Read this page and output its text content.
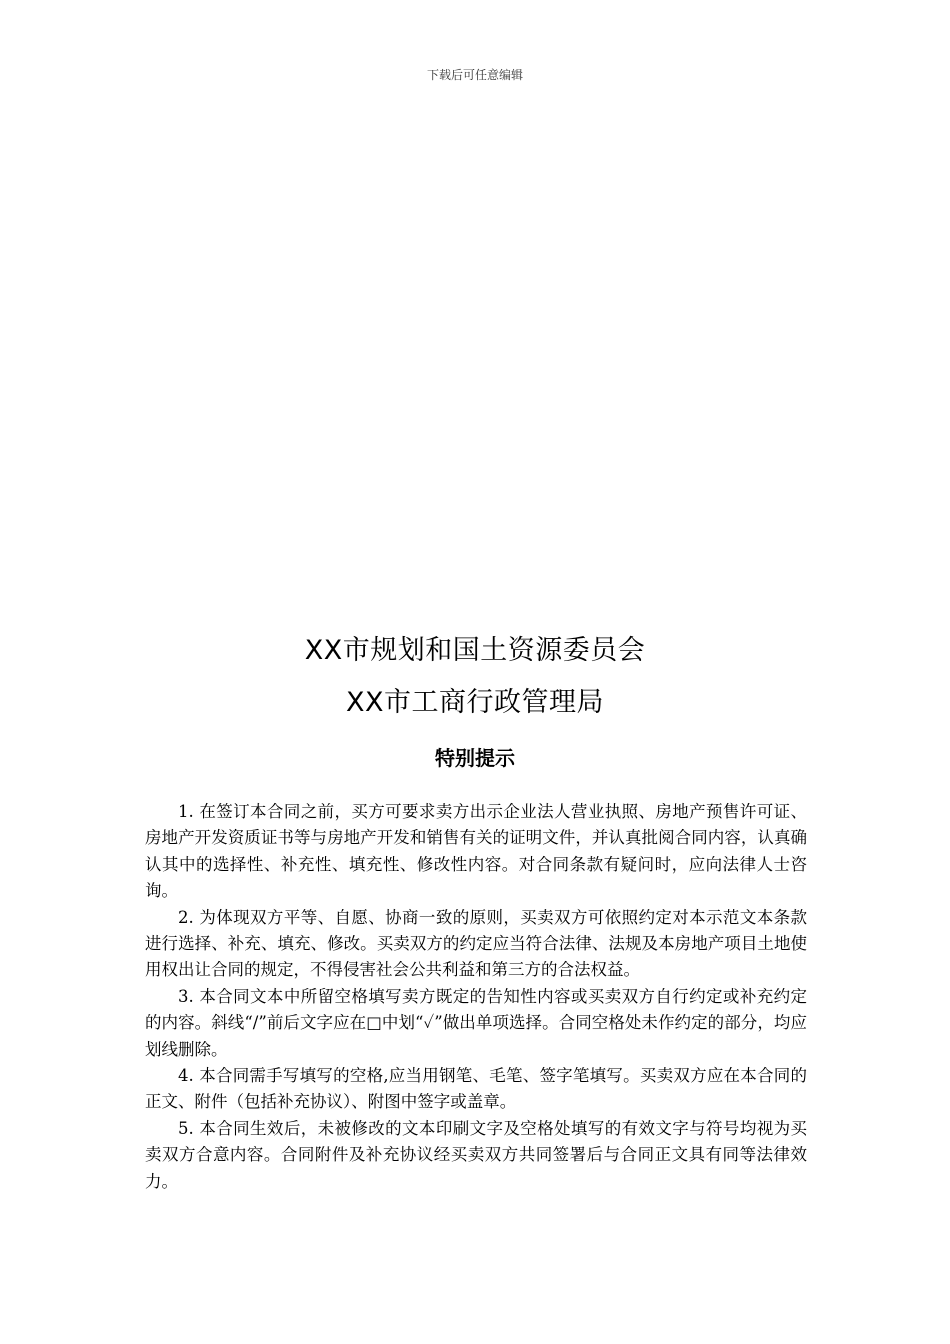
下载后可任意编辑
XX市规划和国土资源委员会
XX市工商行政管理局
特别提示

1. 在签订本合同之前，买方可要求卖方出示企业法人营业执照、房地产预售许可证、房地产开发资质证书等与房地产开发和销售有关的证明文件，并认真批阅合同内容，认真确认其中的选择性、补充性、填充性、修改性内容。对合同条款有疑问时，应向法律人士咨询。

2. 为体现双方平等、自愿、协商一致的原则，买卖双方可依照约定对本示范文本条款进行选择、补充、填充、修改。买卖双方的约定应当符合法律、法规及本房地产项目土地使用权出让合同的规定，不得侵害社会公共利益和第三方的合法权益。

3. 本合同文本中所留空格填写卖方既定的告知性内容或买卖双方自行约定或补充约定的内容。斜线“/”前后文字应在□中划“✓”做出单项选择。合同空格处未作约定的部分，均应划线删除。

4. 本合同需手写填写的空格,应当用钢笔、毛笔、签字笔填写。买卖双方应在本合同的正文、附件（包括补充协议）、附图中签字或盖章。

5. 本合同生效后，未被修改的文本印刷文字及空格处填写的有效文字与符号均视为买卖双方合意内容。合同附件及补充协议经买卖双方共同签署后与合同正文具有同等法律效力。
